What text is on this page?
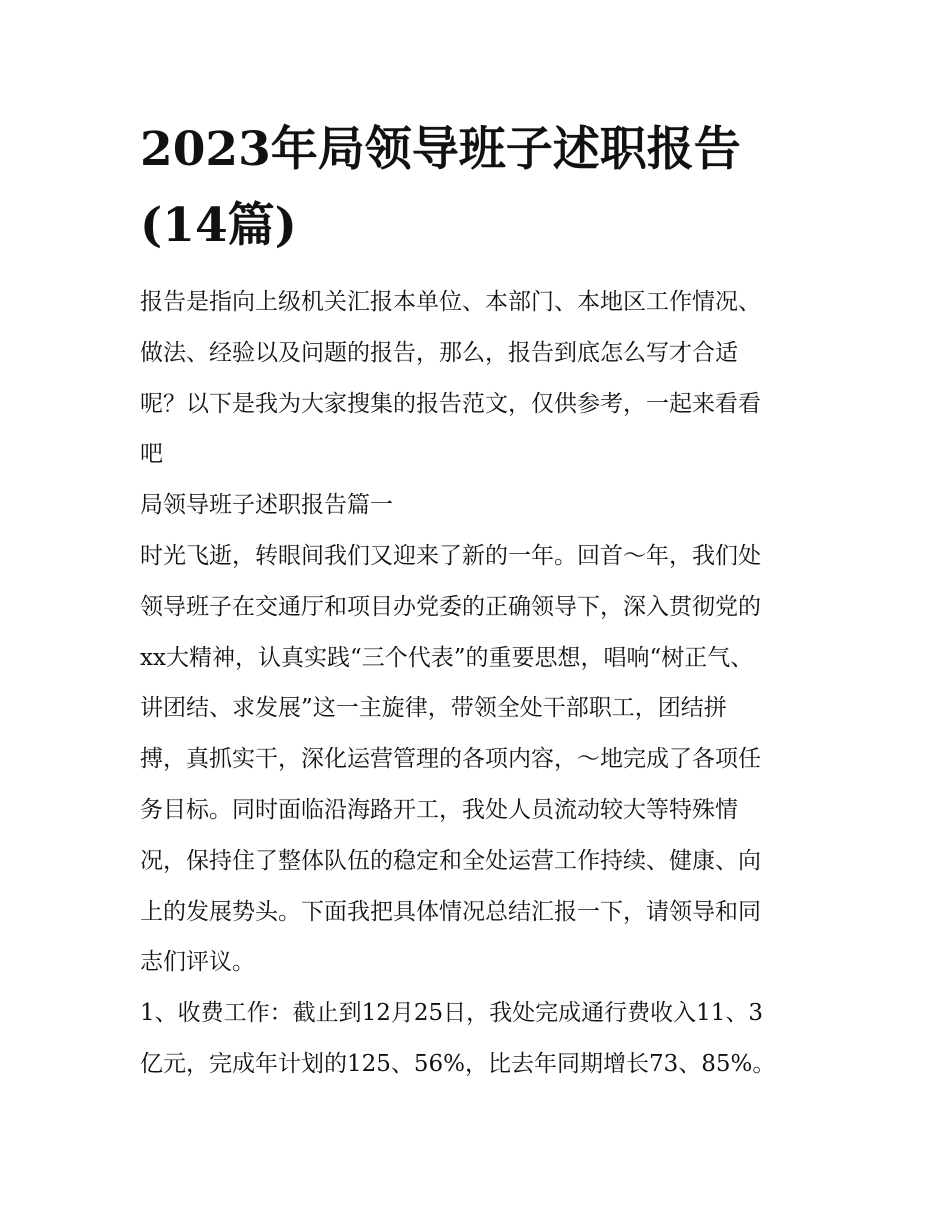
2023年局领导班子述职报告
(14篇)

报告是指向上级机关汇报本单位、本部门、本地区工作情况、
做法、经验以及问题的报告，那么，报告到底怎么写才合适
呢？以下是我为大家搜集的报告范文，仅供参考，一起来看看
吧

局领导班子述职报告篇一

时光飞逝，转眼间我们又迎来了新的一年。回首～年，我们处
领导班子在交通厅和项目办党委的正确领导下，深入贯彻党的
xx大精神，认真实践“三个代表”的重要思想，唱响“树正气、
讲团结、求发展”这一主旋律，带领全处干部职工，团结拼
搏，真抓实干，深化运营管理的各项内容，～地完成了各项任
务目标。同时面临沿海路开工，我处人员流动较大等特殊情
况，保持住了整体队伍的稳定和全处运营工作持续、健康、向
上的发展势头。下面我把具体情况总结汇报一下，请领导和同
志们评议。

1、收费工作：截止到12月25日，我处完成通行费收入11、3
亿元，完成年计划的125、56%，比去年同期增长73、85%。
